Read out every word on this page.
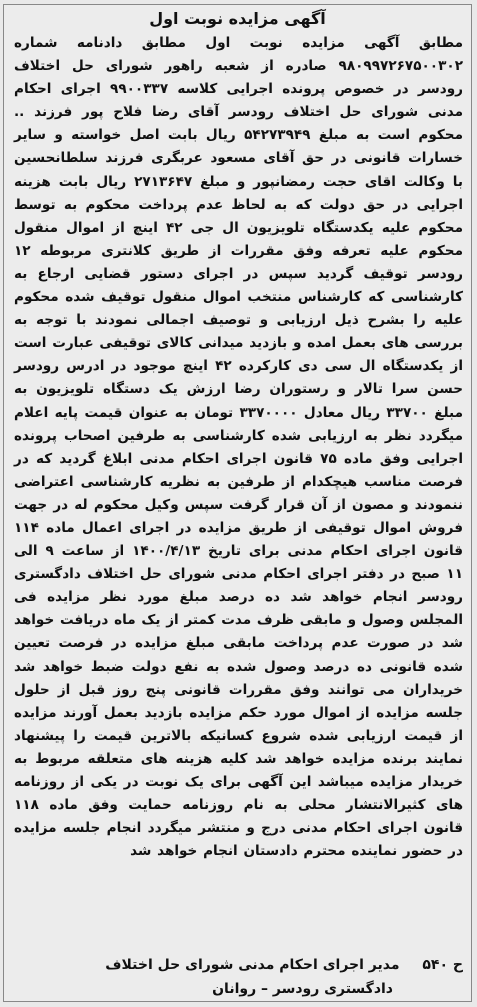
آگهی مزایده نوبت اول
مطابق آگهی مزایده نوبت اول مطابق دادنامه شماره ۹۸۰۹۹۷۲۶۷۵۰۰۳۰۲ صادره از شعبه راهور شورای حل اختلاف رودسر در خصوص پرونده اجرایی کلاسه ۹۹۰۰۳۳۷ اجرای احکام مدنی شورای حل اختلاف رودسر آقای رضا فلاح پور فرزند .. محکوم است به مبلغ ۵۴۲۷۳۹۴۹ ریال بابت اصل خواسته و سایر خسارات قانونی در حق آقای مسعود عربگری فرزند سلطانحسین با وکالت اقای حجت رمضانپور و مبلغ ۲۷۱۳۶۴۷ ریال بابت هزینه اجرایی در حق دولت که به لحاظ عدم پرداخت محکوم به توسط محکوم علیه یکدستگاه تلویزیون ال جی ۴۲ اینچ از اموال منقول محکوم علیه تعرفه وفق مقررات از طریق کلانتری مربوطه ۱۲ رودسر توقیف گردید سپس در اجرای دستور قضایی ارجاع به کارشناسی که کارشناس منتخب اموال منقول توقیف شده محکوم علیه را بشرح ذیل ارزیابی و توصیف اجمالی نمودند با توجه به بررسی های بعمل امده و بازدید میدانی کالای توقیفی عبارت است از یکدستگاه ال سی دی کارکرده ۴۲ اینچ موجود در ادرس رودسر حسن سرا تالار و رستوران رضا ارزش یک دستگاه تلویزیون به مبلغ ۳۳۷۰۰ ریال معادل ۳۳۷۰۰۰۰ تومان به عنوان قیمت پایه اعلام میگردد نظر به ارزیابی شده کارشناسی به طرفین اصحاب پرونده اجرایی وفق ماده ۷۵ قانون اجرای احکام مدنی ابلاغ گردید که در فرصت مناسب هیچکدام از طرفین به نظریه کارشناسی اعتراضی ننمودند و مصون از آن قرار گرفت سپس وکیل محکوم له در جهت فروش اموال توقیفی از طریق مزایده در اجرای اعمال ماده ۱۱۴ قانون اجرای احکام مدنی برای تاریخ ۱۴۰۰/۴/۱۳ از ساعت ۹ الی ۱۱ صبح در دفتر اجرای احکام مدنی شورای حل اختلاف دادگستری رودسر انجام خواهد شد ده درصد مبلغ مورد نظر مزایده فی المجلس وصول و مابقی ظرف مدت کمتر از یک ماه دریافت خواهد شد در صورت عدم پرداخت مابقی مبلغ مزایده در فرصت تعیین شده قانونی ده درصد وصول شده به نفع دولت ضبط خواهد شد خریداران می توانند وفق مقررات قانونی پنج روز قبل از حلول جلسه مزایده از اموال مورد حکم مزایده بازدید بعمل آورند مزایده از قیمت ارزیابی شده شروع کسانیکه بالاترین قیمت را پیشنهاد نمایند برنده مزایده خواهد شد کلیه هزینه های متعلقه مربوط به خریدار مزایده میباشد این آگهی برای یک نوبت در یکی از روزنامه های کثیرالانتشار محلی به نام روزنامه حمایت وفق ماده ۱۱۸ قانون اجرای احکام مدنی درج و منتشر میگردد انجام جلسه مزایده در حضور نماینده محترم دادستان انجام خواهد شد
ح ۵۴۰ مدیر اجرای احکام مدنی شورای حل اختلاف
دادگستری رودسر – روانان
